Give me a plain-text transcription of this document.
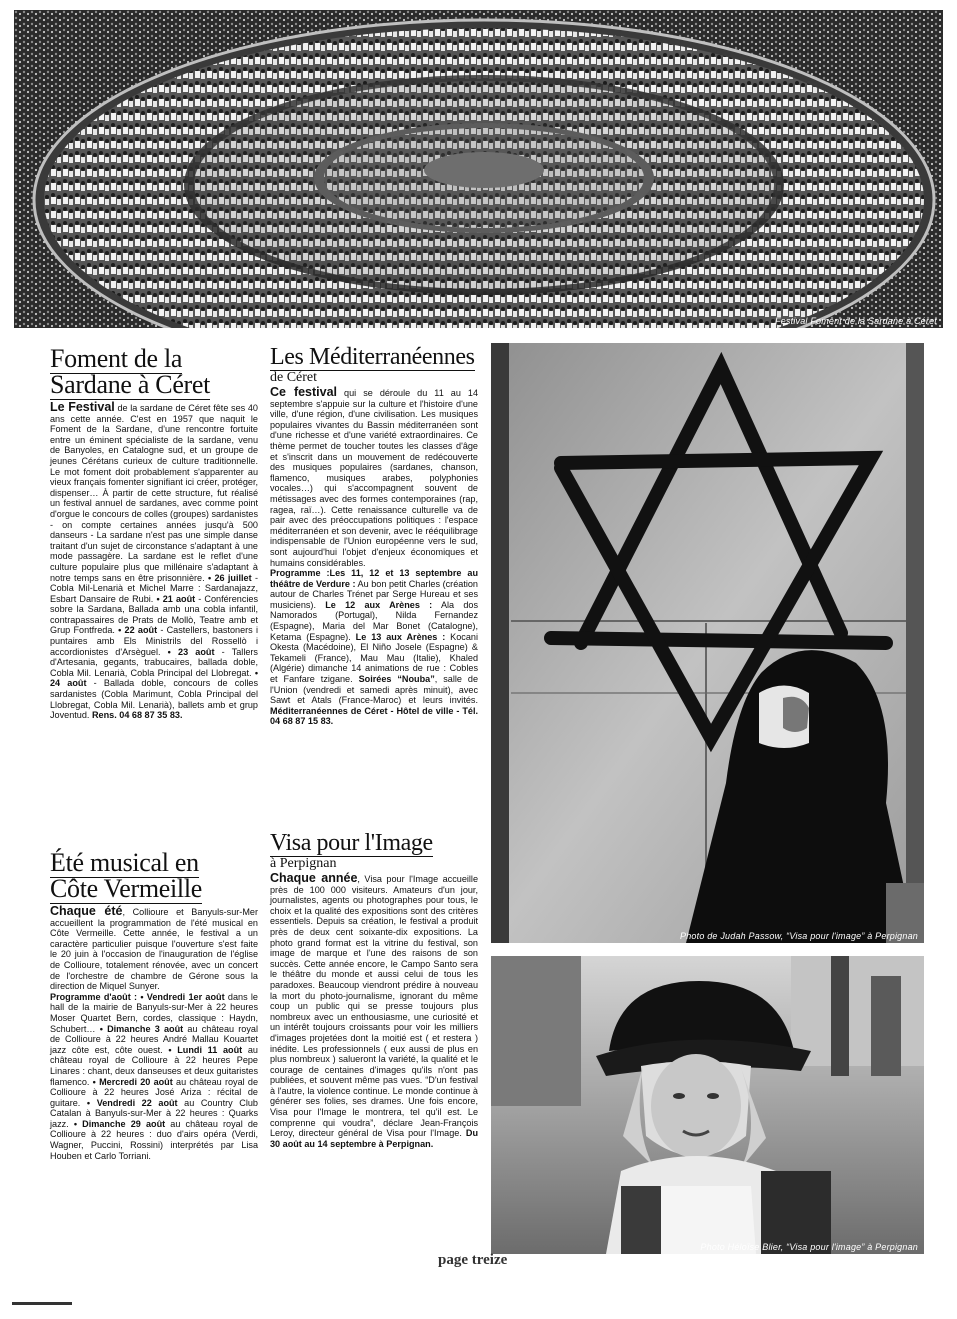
Festival Foment de la Sardane à Céret
Foment de la
Sardane à Céret

Le Festival de la sardane de Céret fête ses 40 ans cette année. C'est en 1957 que naquit le Foment de la Sardane, d'une rencontre fortuite entre un éminent spécialiste de la sardane, venu de Banyoles, en Catalogne sud, et un groupe de jeunes Cérétans curieux de culture traditionnelle. Le mot foment doit probablement s'apparenter au vieux français fomenter signifiant ici créer, protéger, dispenser… À partir de cette structure, fut réalisé un festival annuel de sardanes, avec comme point d'orgue le concours de colles (groupes) sardanistes - on compte certaines années jusqu'à 500 danseurs - La sardane n'est pas une simple danse traitant d'un sujet de circonstance s'adaptant à une mode passagère. La sardane est le reflet d'une culture populaire plus que millénaire s'adaptant à notre temps sans en être prisonnière. • 26 juillet - Cobla Mil-Lenarià et Michel Marre : Sardanajazz, Esbart Dansaire de Rubi. • 21 août - Conférencies sobre la Sardana, Ballada amb una cobla infantil, contrapassaires de Prats de Mollò, Teatre amb et Grup Fontfreda. • 22 août - Castellers, bastoners i puntaires amb Els Ministrils del Rossellò i accordionistes d'Arsèguel. • 23 août - Tallers d'Artesania, gegants, trabucaires, ballada doble, Cobla Mil. Lenarià, Cobla Principal del Llobregat. • 24 août - Ballada doble, concours de colles sardanistes (Cobla Marimunt, Cobla Principal del Llobregat, Cobla Mil. Lenarià), ballets amb et grup Joventud. Rens. 04 68 87 35 83.

Été musical en
Côte Vermeille

Chaque été, Collioure et Banyuls-sur-Mer accueillent la programmation de l'été musical en Côte Vermeille. Cette année, le festival a un caractère particulier puisque l'ouverture s'est faite le 20 juin à l'occasion de l'inauguration de l'église de Collioure, totalement rénovée, avec un concert de l'orchestre de chambre de Gérone sous la direction de Miquel Sunyer.

Programme d'août : • Vendredi 1er août dans le hall de la mairie de Banyuls-sur-Mer à 22 heures Moser Quartet Bern, cordes, classique : Haydn, Schubert… • Dimanche 3 août au château royal de Collioure à 22 heures André Mallau Kouartet jazz côte est, côte ouest. • Lundi 11 août au château royal de Collioure à 22 heures Pepe Linares : chant, deux danseuses et deux guitaristes flamenco. • Mercredi 20 août au château royal de Collioure à 22 heures José Ariza : récital de guitare. • Vendredi 22 août au Country Club Catalan à Banyuls-sur-Mer à 22 heures : Quarks jazz. • Dimanche 29 août au château royal de Collioure à 22 heures : duo d'airs opéra (Verdi, Wagner, Puccini, Rossini) interprétés par Lisa Houben et Carlo Torriani.

Les Méditerranéennes
de Céret

Ce festival qui se déroule du 11 au 14 septembre s'appuie sur la culture et l'histoire d'une ville, d'une région, d'une civilisation. Les musiques populaires vivantes du Bassin méditerranéen sont d'une richesse et d'une variété extraordinaires. Ce thème permet de toucher toutes les classes d'âge et s'inscrit dans un mouvement de redécouverte des musiques populaires (sardanes, chanson, flamenco, musiques arabes, polyphonies vocales…) qui s'accompagnent souvent de métissages avec des formes contemporaines (rap, ragea, raï…). Cette renaissance culturelle va de pair avec des préoccupations politiques : l'espace méditerranéen et son devenir, avec le rééquilibrage indispensable de l'Union européenne vers le sud, sont aujourd'hui l'objet d'enjeux économiques et humains considérables.

Programme :Les 11, 12 et 13 septembre au théâtre de Verdure : Au bon petit Charles (création autour de Charles Trénet par Serge Hureau et ses musiciens). Le 12 aux Arènes : Ala dos Namorados (Portugal), Nilda Fernandez (Espagne), Maria del Mar Bonet (Catalogne), Ketama (Espagne). Le 13 aux Arènes : Kocani Okesta (Macédoine), El Niño Josele (Espagne) & Tekameli (France), Mau Mau (Italie), Khaled (Algérie) dimanche 14 animations de rue : Cobles et Fanfare tzigane. Soirées “Nouba”, salle de l'Union (vendredi et samedi après minuit), avec Sawt et Atals (France-Maroc) et leurs invités. Méditerranéennes de Céret - Hôtel de ville - Tél. 04 68 87 15 83.

Visa pour l'Image
à Perpignan

Chaque année, Visa pour l'Image accueille près de 100 000 visiteurs. Amateurs d'un jour, journalistes, agents ou photographes pour tous, le choix et la qualité des expositions sont des critères essentiels. Depuis sa création, le festival a produit près de deux cent soixante-dix expositions. La photo grand format est la vitrine du festival, son image de marque et l'une des raisons de son succès. Cette année encore, le Campo Santo sera le théâtre du monde et aussi celui de tous les paradoxes. Beaucoup viendront prédire à nouveau la mort du photo-journalisme, ignorant du même coup un public qui se presse toujours plus nombreux avec un enthousiasme, une curiosité et un intérêt toujours croissants pour voir les milliers d'images projetées dont la moitié est ( et restera ) inédite. Les professionnels ( eux aussi de plus en plus nombreux ) salueront la variété, la qualité et le courage de centaines d'images qu'ils n'ont pas publiées, et souvent même pas vues. “D'un festival à l'autre, la violence continue. Le monde continue à générer ses folies, ses drames. Une fois encore, Visa pour l'Image le montrera, tel qu'il est. Le comprenne qui voudra”, déclare Jean-François Leroy, directeur général de Visa pour l'Image. Du 30 août au 14 septembre à Perpignan.

Photo de Judah Passow, “Visa pour l'image” à Perpignan
Photo Héloïse Blier, “Visa pour l'image” à Perpignan
page treize
